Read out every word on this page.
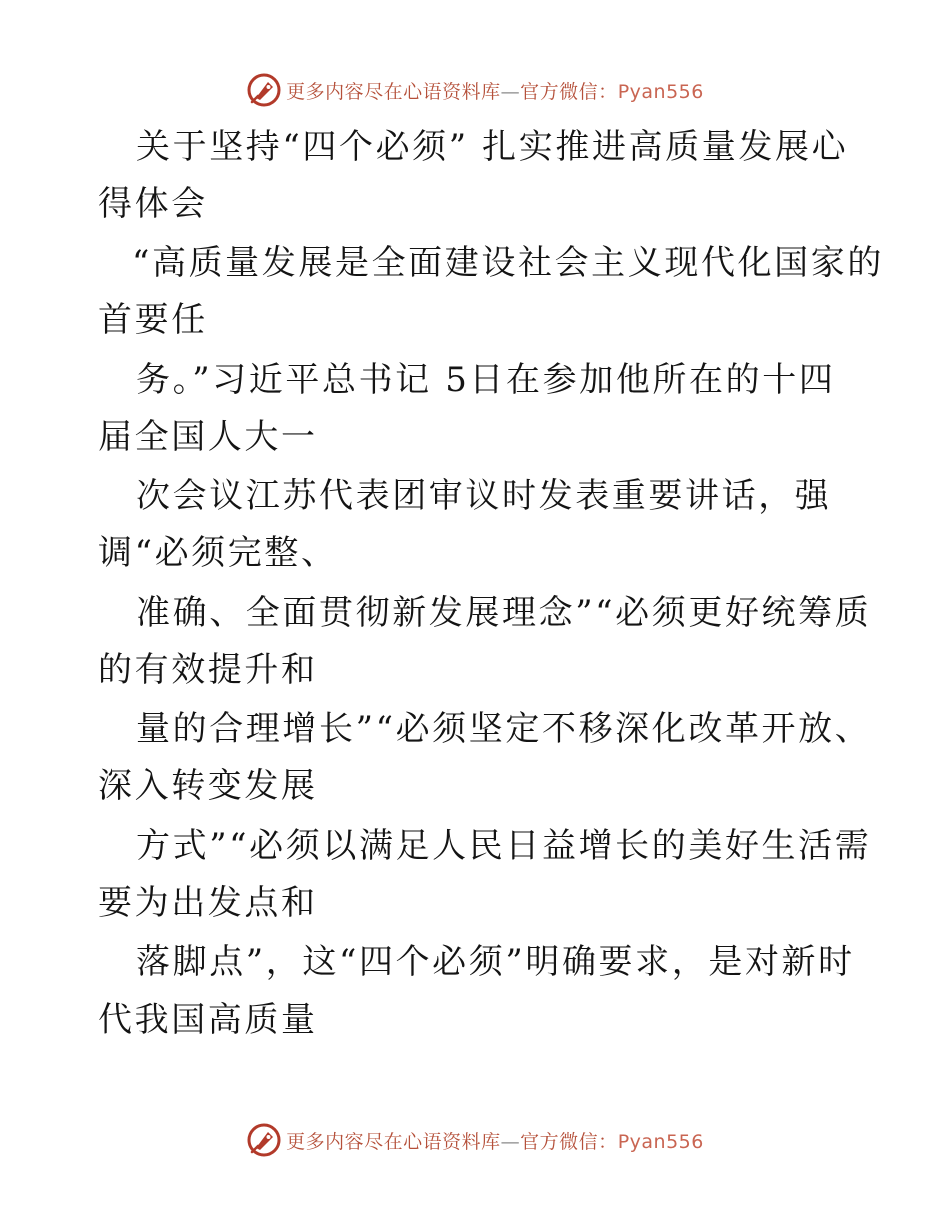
更多内容尽在心语资料库—官方微信：Pyan556
关于坚持“四个必须” 扎实推进高质量发展心
得体会
“高质量发展是全面建设社会主义现代化国家的
首要任
务。”习近平总书记 5日在参加他所在的十四
届全国人大一
次会议江苏代表团审议时发表重要讲话，强
调“必须完整、
准确、全面贯彻新发展理念”“必须更好统筹质
的有效提升和
量的合理增长”“必须坚定不移深化改革开放、
深入转变发展
方式”“必须以满足人民日益增长的美好生活需
要为出发点和
落脚点”，这“四个必须”明确要求，是对新时
代我国高质量
更多内容尽在心语资料库—官方微信：Pyan556
